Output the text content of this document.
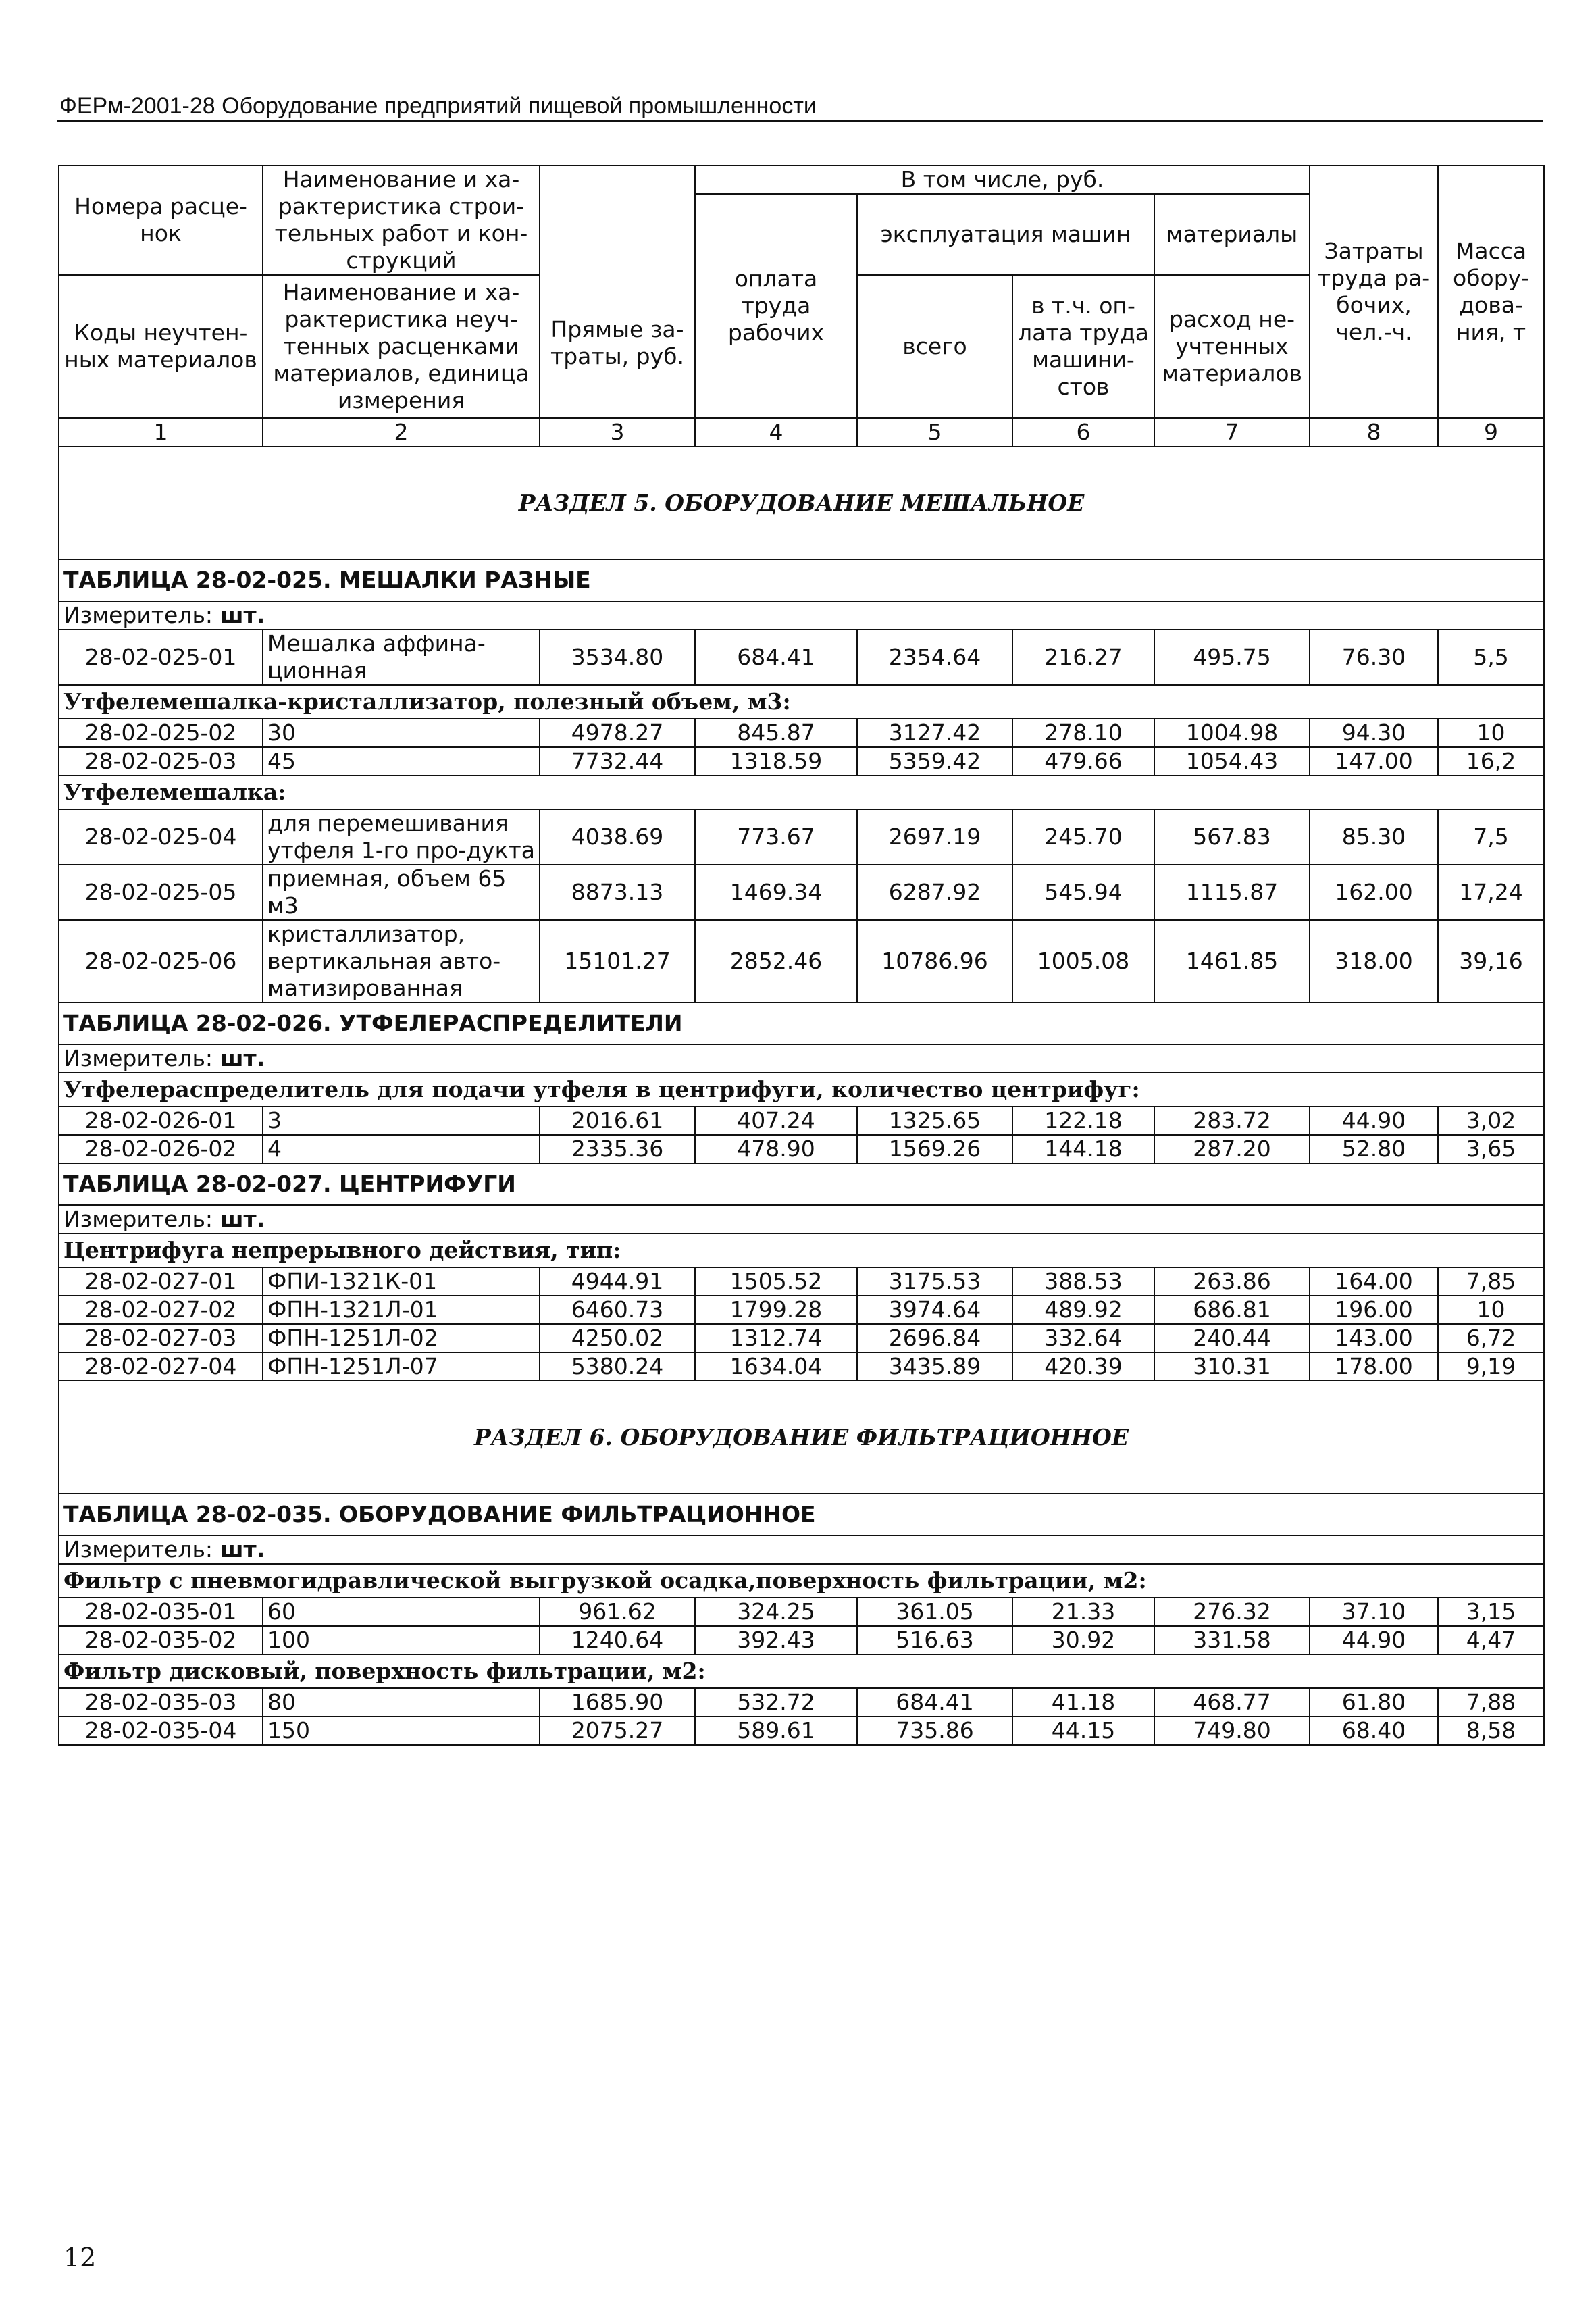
ФЕРм-2001-28 Оборудование предприятий пищевой промышленности
Номера расце-нок	Наименование и ха-рактеристика строи-тельных работ и кон-струкций	Прямые за-траты, руб.	В том числе, руб.				Затраты труда ра-бочих, чел.-ч.	Масса обору-дова-ния, т
			оплата труда рабочих	эксплуатация машин		материалы		

Коды неучтен-ных материалов	Наименование и ха-рактеристика неуч-тенных расценками материалов, единица измерения			всего	в т.ч. оп-лата труда машини-стов	расход не-учтенных материалов		

1	2	3	4	5	6	7	8	9
РАЗДЕЛ 5. ОБОРУДОВАНИЕ МЕШАЛЬНОЕ								
ТАБЛИЦА 28-02-025. МЕШАЛКИ РАЗНЫЕ								
Измеритель: шт.								
28-02-025-01	Мешалка аффина-ционная	3534.80	684.41	2354.64	216.27	495.75	76.30	5,5
Утфелемешалка-кристаллизатор, полезный объем, м3:								
28-02-025-02	30	4978.27	845.87	3127.42	278.10	1004.98	94.30	10
28-02-025-03	45	7732.44	1318.59	5359.42	479.66	1054.43	147.00	16,2
Утфелемешалка:								
28-02-025-04	для перемешивания утфеля 1-го про-дукта	4038.69	773.67	2697.19	245.70	567.83	85.30	7,5
28-02-025-05	приемная, объем 65 м3	8873.13	1469.34	6287.92	545.94	1115.87	162.00	17,24
28-02-025-06	кристаллизатор, вертикальная авто-матизированная	15101.27	2852.46	10786.96	1005.08	1461.85	318.00	39,16
ТАБЛИЦА 28-02-026. УТФЕЛЕРАСПРЕДЕЛИТЕЛИ								
Измеритель: шт.								
Утфелераспределитель для подачи утфеля в центрифуги, количество центрифуг:								
28-02-026-01	3	2016.61	407.24	1325.65	122.18	283.72	44.90	3,02
28-02-026-02	4	2335.36	478.90	1569.26	144.18	287.20	52.80	3,65
ТАБЛИЦА 28-02-027. ЦЕНТРИФУГИ								
Измеритель: шт.								
Центрифуга непрерывного действия, тип:								
28-02-027-01	ФПИ-1321К-01	4944.91	1505.52	3175.53	388.53	263.86	164.00	7,85
28-02-027-02	ФПН-1321Л-01	6460.73	1799.28	3974.64	489.92	686.81	196.00	10
28-02-027-03	ФПН-1251Л-02	4250.02	1312.74	2696.84	332.64	240.44	143.00	6,72
28-02-027-04	ФПН-1251Л-07	5380.24	1634.04	3435.89	420.39	310.31	178.00	9,19
РАЗДЕЛ 6. ОБОРУДОВАНИЕ ФИЛЬТРАЦИОННОЕ								
ТАБЛИЦА 28-02-035. ОБОРУДОВАНИЕ ФИЛЬТРАЦИОННОЕ								
Измеритель: шт.								
Фильтр с пневмогидравлической выгрузкой осадка,поверхность фильтрации, м2:								
28-02-035-01	60	961.62	324.25	361.05	21.33	276.32	37.10	3,15
28-02-035-02	100	1240.64	392.43	516.63	30.92	331.58	44.90	4,47
Фильтр дисковый, поверхность фильтрации, м2:								
28-02-035-03	80	1685.90	532.72	684.41	41.18	468.77	61.80	7,88
28-02-035-04	150	2075.27	589.61	735.86	44.15	749.80	68.40	8,58
12
